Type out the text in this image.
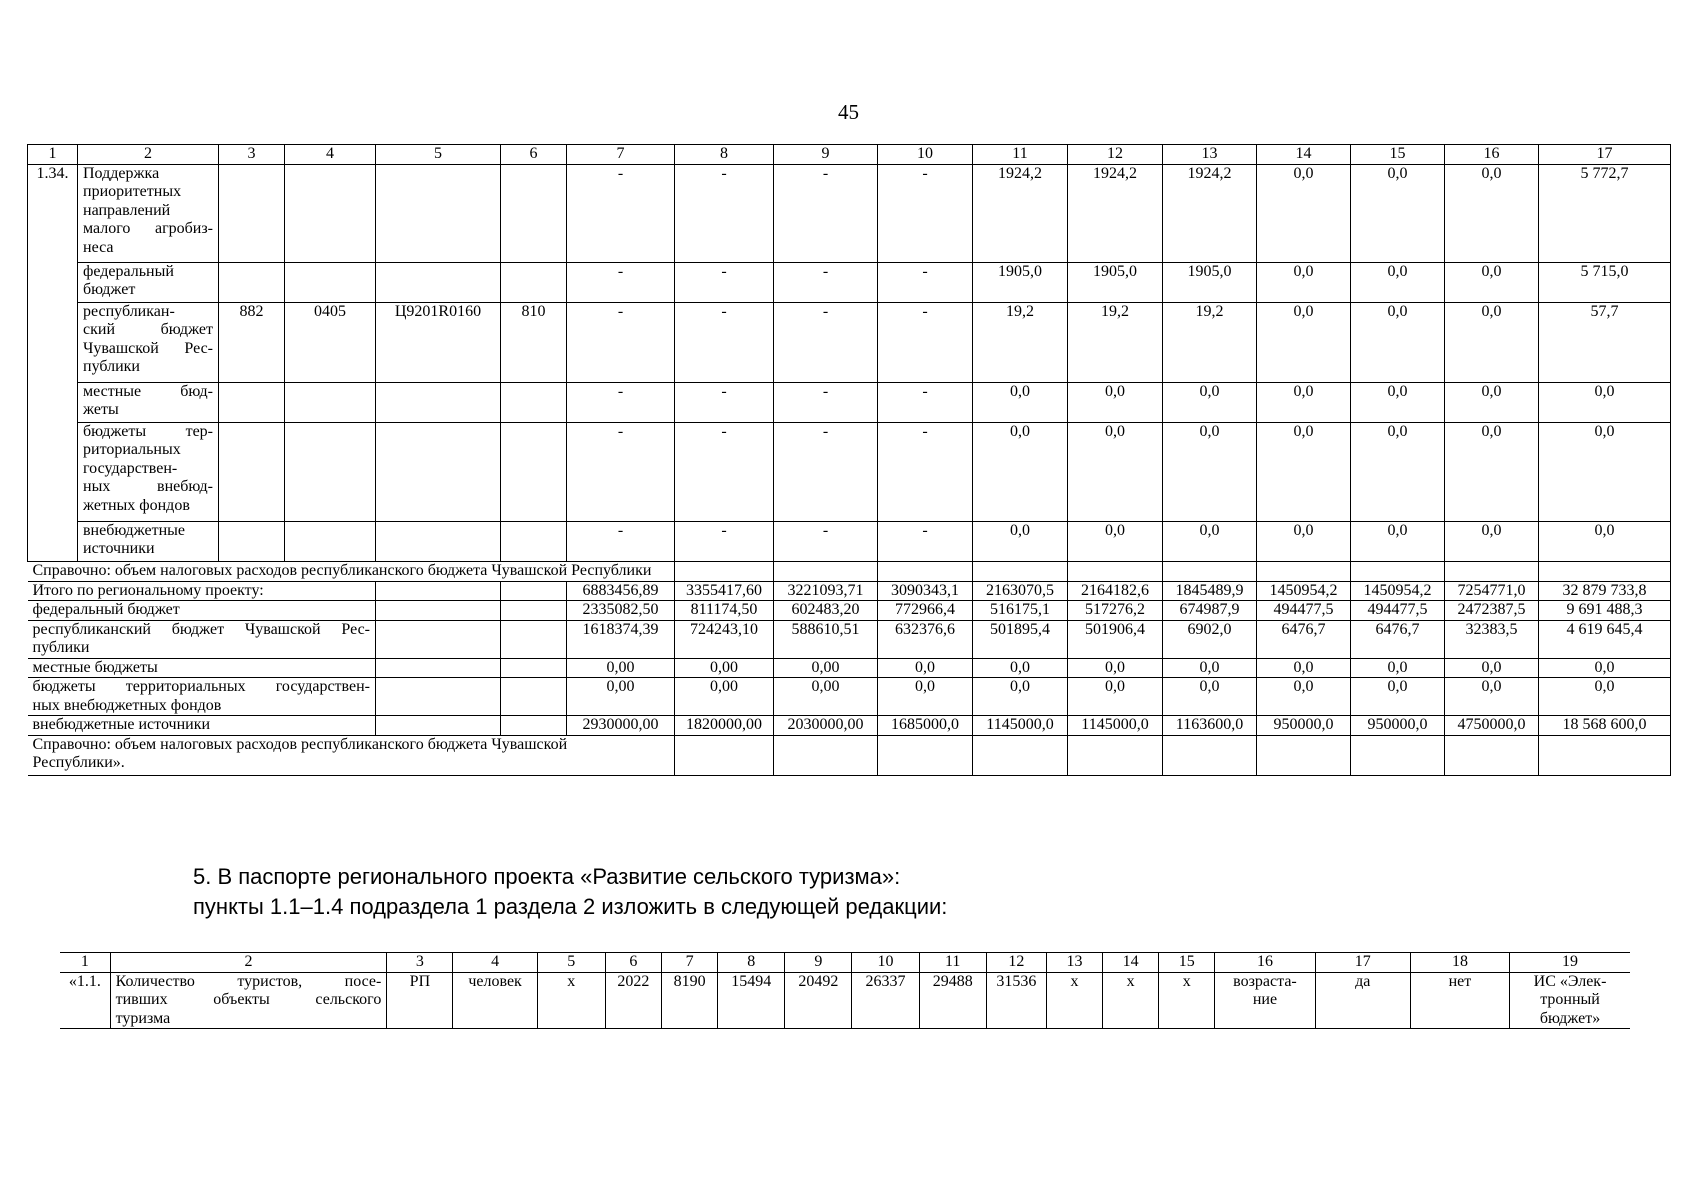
45
1	2	3	4	5	6	7	8	9	10	11	12	13	14	15	16	17
1.34.	Поддержка
приоритетных
направлений
малого агробиз-
неса					-	-	-	-	1924,2	1924,2	1924,2	0,0	0,0	0,0	5 772,7

	федеральный
бюджет					-	-	-	-	1905,0	1905,0	1905,0	0,0	0,0	0,0	5 715,0

	республикан-
ский бюджет
Чувашской Рес-
публики	882	0405	Ц9201R0160	810	-	-	-	-	19,2	19,2	19,2	0,0	0,0	0,0	57,7

	местные бюд-
жеты					-	-	-	-	0,0	0,0	0,0	0,0	0,0	0,0	0,0

	бюджеты тер-
риториальных
государствен-
ных внебюд-
жетных фондов					-	-	-	-	0,0	0,0	0,0	0,0	0,0	0,0	0,0

	внебюджетные
источники					-	-	-	-	0,0	0,0	0,0	0,0	0,0	0,0	0,0
Справочно: объем налоговых расходов республиканского бюджета Чувашской Республики																
Итого по региональному проекту:						6883456,89	3355417,60	3221093,71	3090343,1	2163070,5	2164182,6	1845489,9	1450954,2	1450954,2	7254771,0	32 879 733,8
федеральный бюджет						2335082,50	811174,50	602483,20	772966,4	516175,1	517276,2	674987,9	494477,5	494477,5	2472387,5	9 691 488,3

республиканский бюджет Чувашской Рес-
публики						1618374,39	724243,10	588610,51	632376,6	501895,4	501906,4	6902,0	6476,7	6476,7	32383,5	4 619 645,4
местные бюджеты						0,00	0,00	0,00	0,0	0,0	0,0	0,0	0,0	0,0	0,0	0,0

бюджеты территориальных государствен-
ных внебюджетных фондов						0,00	0,00	0,00	0,0	0,0	0,0	0,0	0,0	0,0	0,0	0,0
внебюджетные источники						2930000,00	1820000,00	2030000,00	1685000,0	1145000,0	1145000,0	1163600,0	950000,0	950000,0	4750000,0	18 568 600,0

Справочно: объем налоговых расходов республиканского бюджета Чувашской
Республики».																

5. В паспорте регионального проекта «Развитие сельского туризма»:
пункты 1.1–1.4 подраздела 1 раздела 2 изложить в следующей редакции:
1	2	3	4	5	6	7	8	9	10	11	12	13	14	15	16	17	18	19
«1.1.	Количество туристов, посе-
тивших объекты сельского
туризма	РП	человек	х	2022	8190	15494	20492	26337	29488	31536	х	х	х	возраста-
ние	да	нет	ИС «Элек-
тронный
бюджет»
